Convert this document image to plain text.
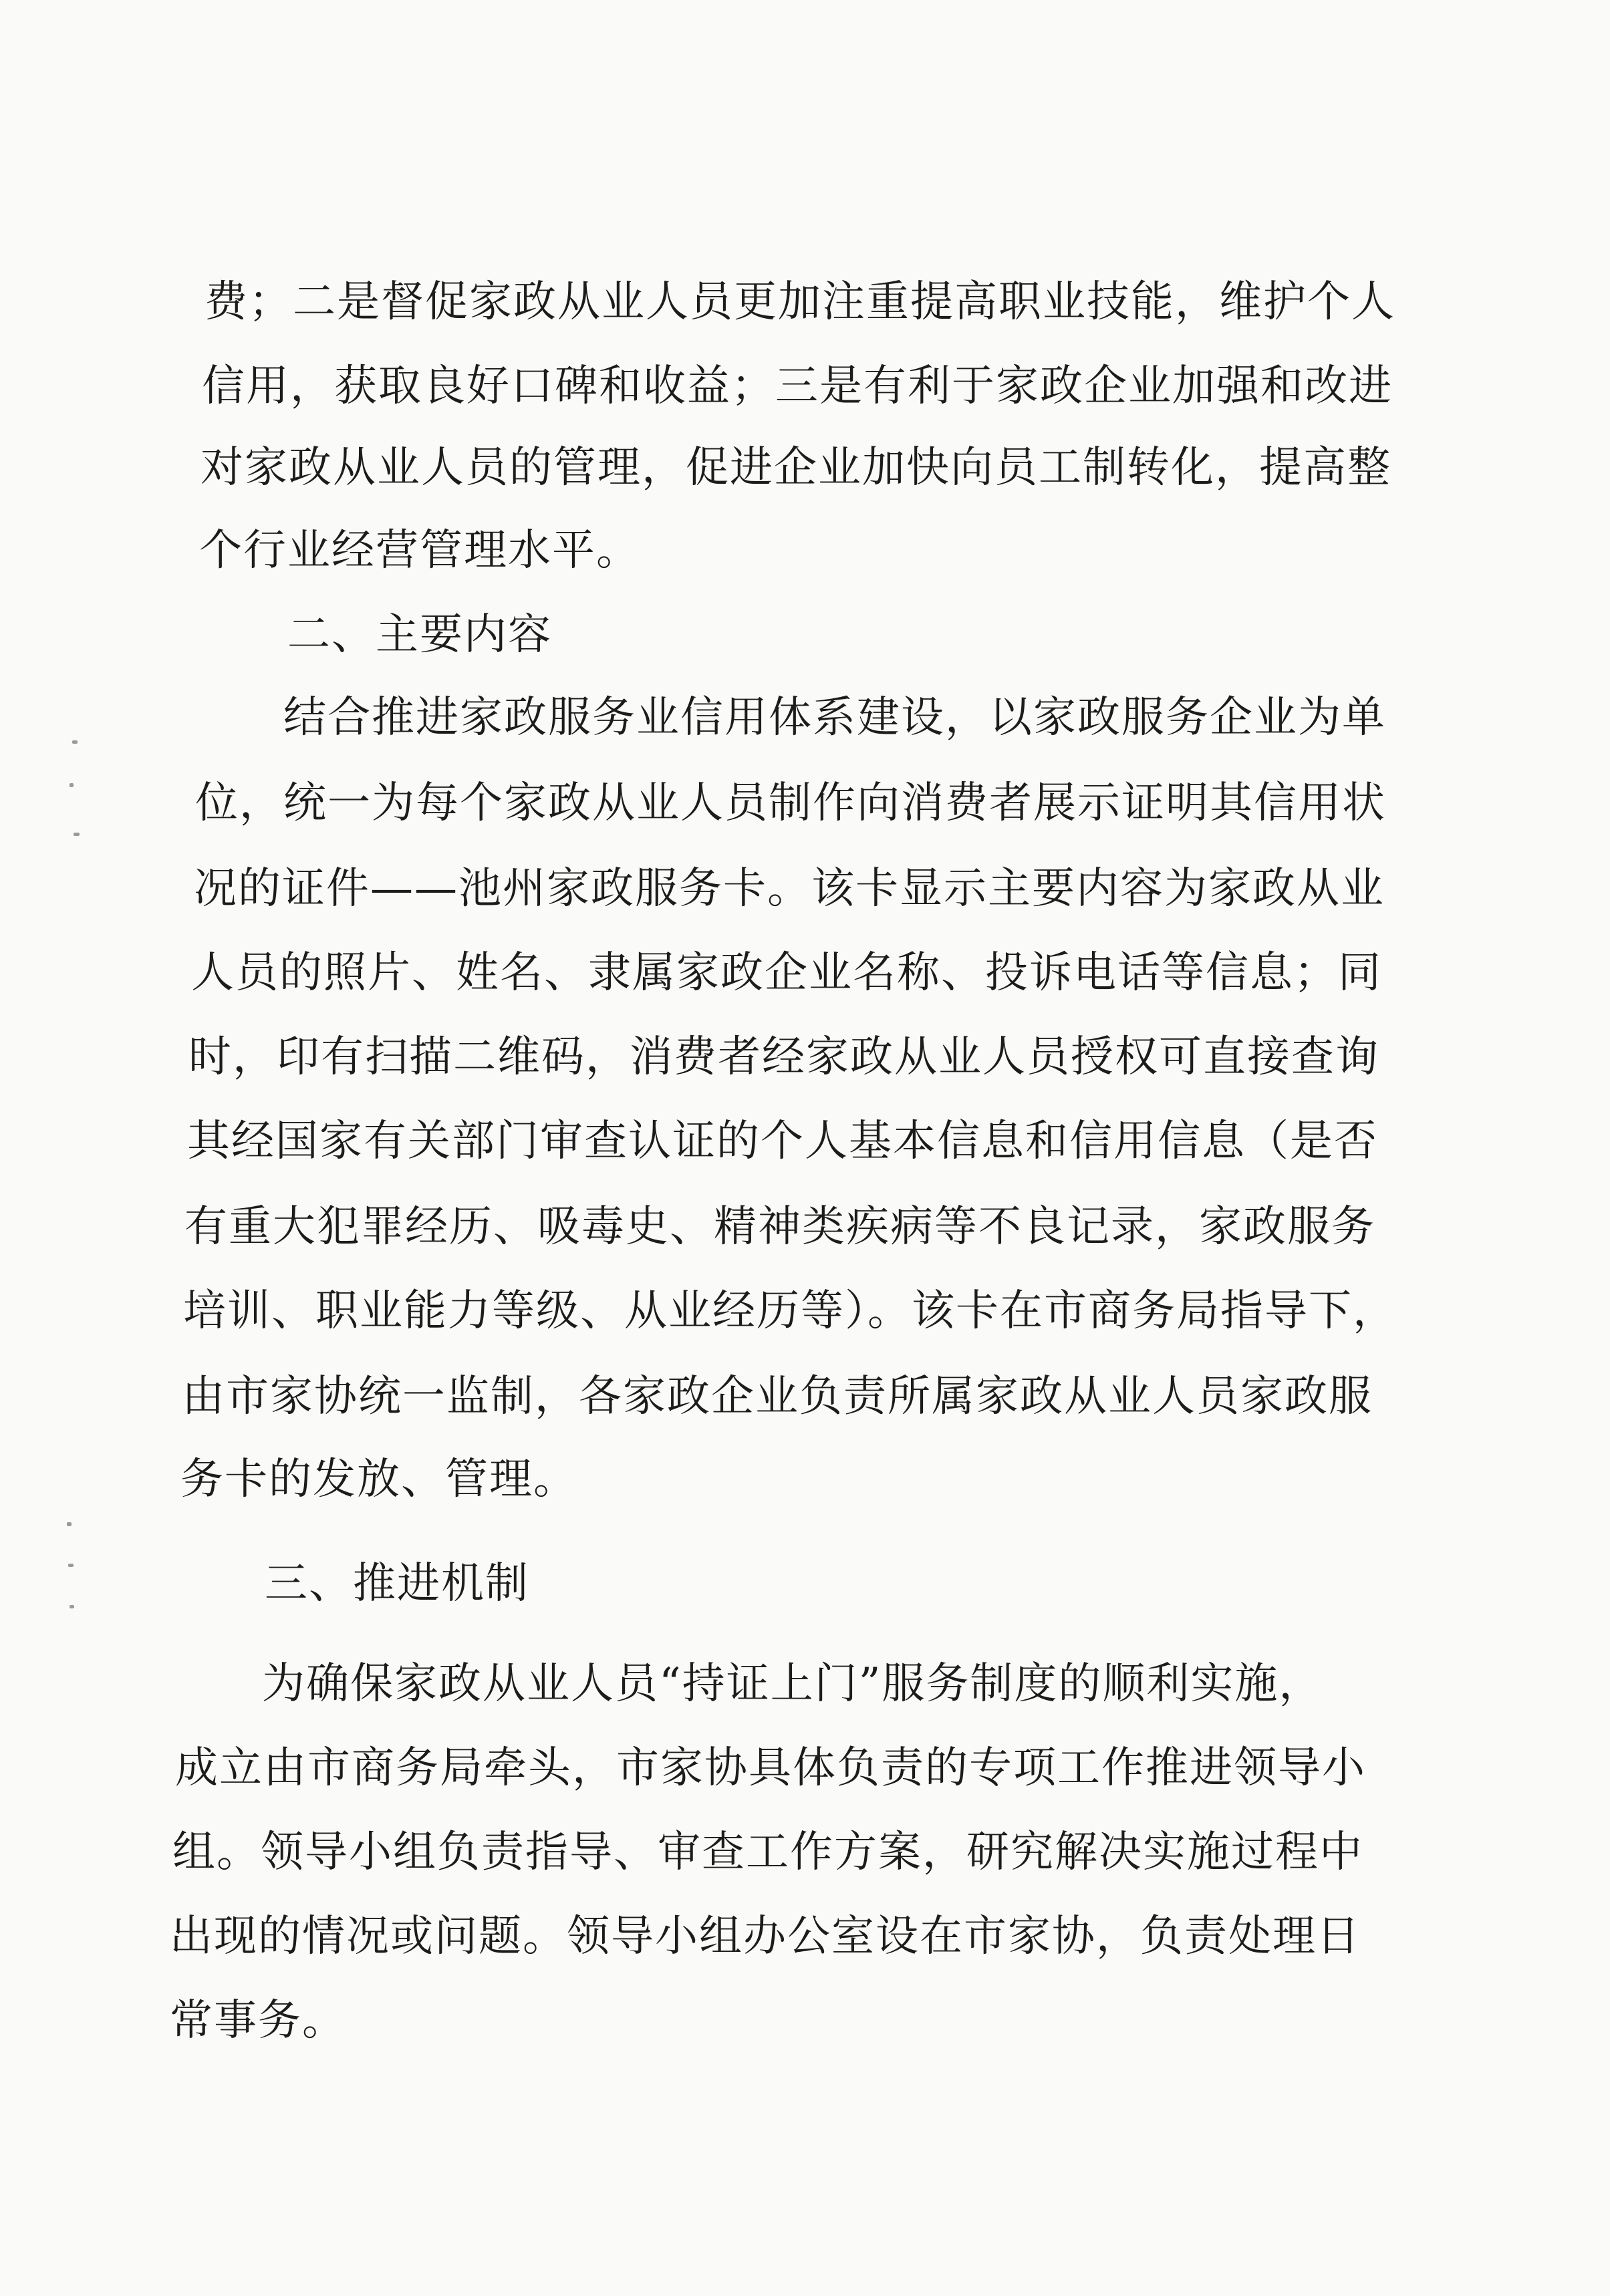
费；二是督促家政从业人员更加注重提高职业技能，维护个人
信用，获取良好口碑和收益；三是有利于家政企业加强和改进
对家政从业人员的管理，促进企业加快向员工制转化，提高整
个行业经营管理水平。
二、主要内容
结合推进家政服务业信用体系建设，以家政服务企业为单
位，统一为每个家政从业人员制作向消费者展示证明其信用状
况的证件——池州家政服务卡。该卡显示主要内容为家政从业
人员的照片、姓名、隶属家政企业名称、投诉电话等信息；同
时，印有扫描二维码，消费者经家政从业人员授权可直接查询
其经国家有关部门审查认证的个人基本信息和信用信息（是否
有重大犯罪经历、吸毒史、精神类疾病等不良记录，家政服务
培训、职业能力等级、从业经历等）。该卡在市商务局指导下，
由市家协统一监制，各家政企业负责所属家政从业人员家政服
务卡的发放、管理。
三、推进机制
为确保家政从业人员“持证上门”服务制度的顺利实施，
成立由市商务局牵头，市家协具体负责的专项工作推进领导小
组。领导小组负责指导、审查工作方案，研究解决实施过程中
出现的情况或问题。领导小组办公室设在市家协，负责处理日
常事务。
